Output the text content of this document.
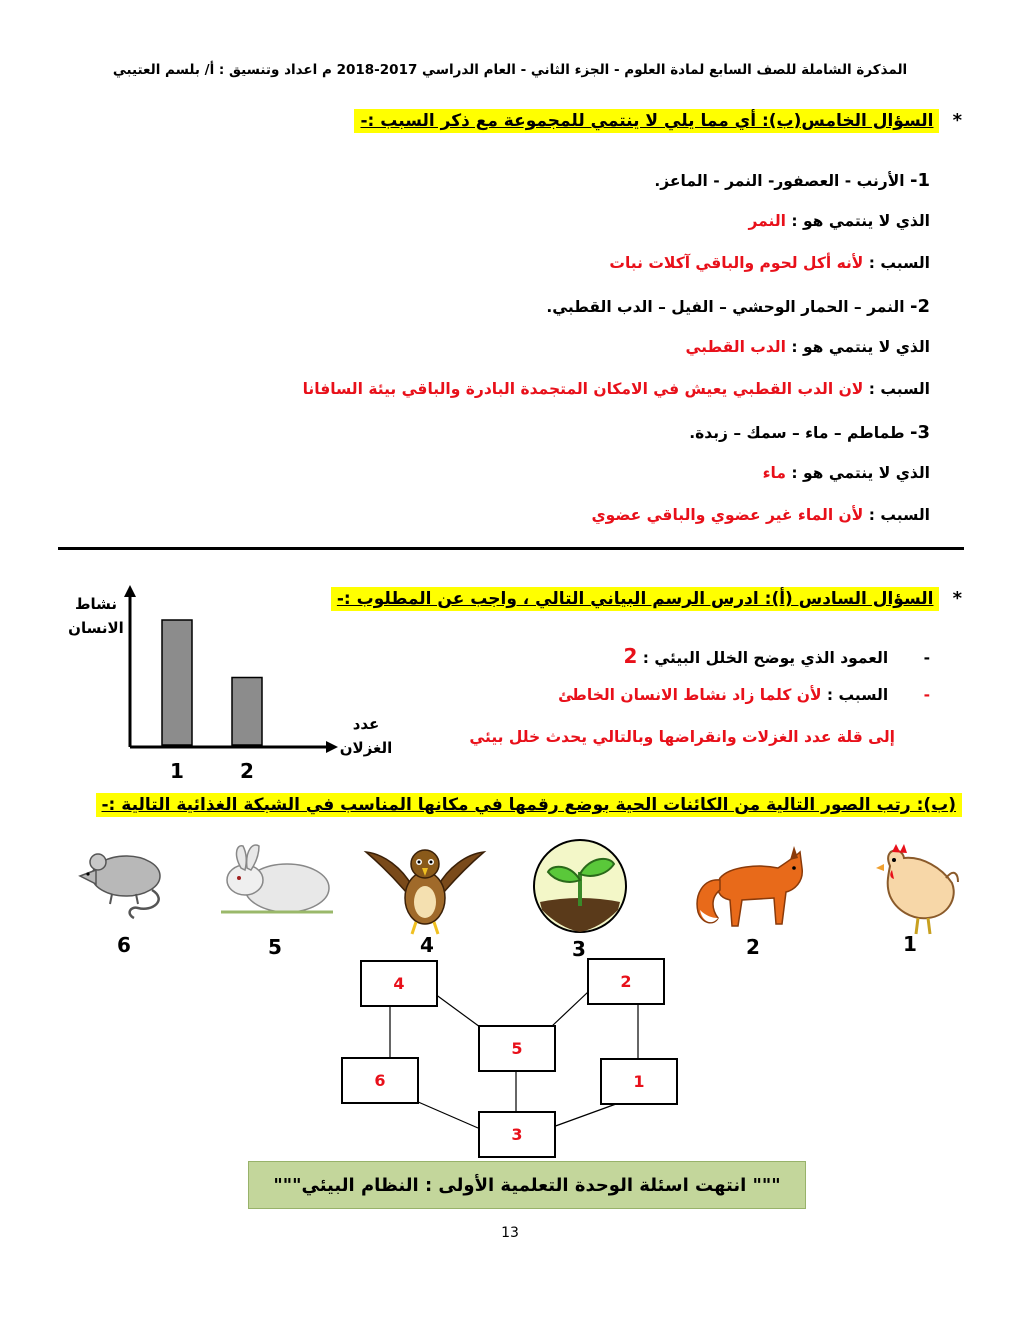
المذكرة الشاملة للصف السابع لمادة العلوم - الجزء الثاني - العام الدراسي 2017-2018 م اعداد وتنسيق : أ/ بلسم العتيبي
* السؤال الخامس(ب): أي مما يلي لا ينتمي للمجموعة مع ذكر السبب :-
1- الأرنب - العصفور- النمر - الماعز.
الذي لا ينتمي هو : النمر
السبب : لأنه أكل لحوم والباقي آكلات نبات
2- النمر – الحمار الوحشي – الفيل – الدب القطبي.
الذي لا ينتمي هو : الدب القطبي
السبب : لان الدب القطبي يعيش في الامكان المتجمدة البادرة والباقي بيئة السافانا
3- طماطم – ماء – سمك – زبدة.
الذي لا ينتمي هو : ماء
السبب : لأن الماء غير عضوي والباقي عضوي
* السؤال السادس (أ): ادرس الرسم البياني التالي ، واجب عن المطلوب :-
- العمود الذي يوضح الخلل البيئي : 2
- السبب : لأن كلما زاد نشاط الانسان الخاطئ
إلى قلة عدد الغزلات وانقراضها وبالتالي يحدث خلل بيئي
نشاط
الانسان
عدد
الغزلان
1	2
(ب): رتب الصور التالية من الكائنات الحية بوضع رقمها في مكانها المناسب في الشبكة الغذائية التالية :-
1
2
3
4
5
6
4	2
5
6	1
3
""" انتهت اسئلة الوحدة التعلمية الأولى : النظام البيئي"""
13
